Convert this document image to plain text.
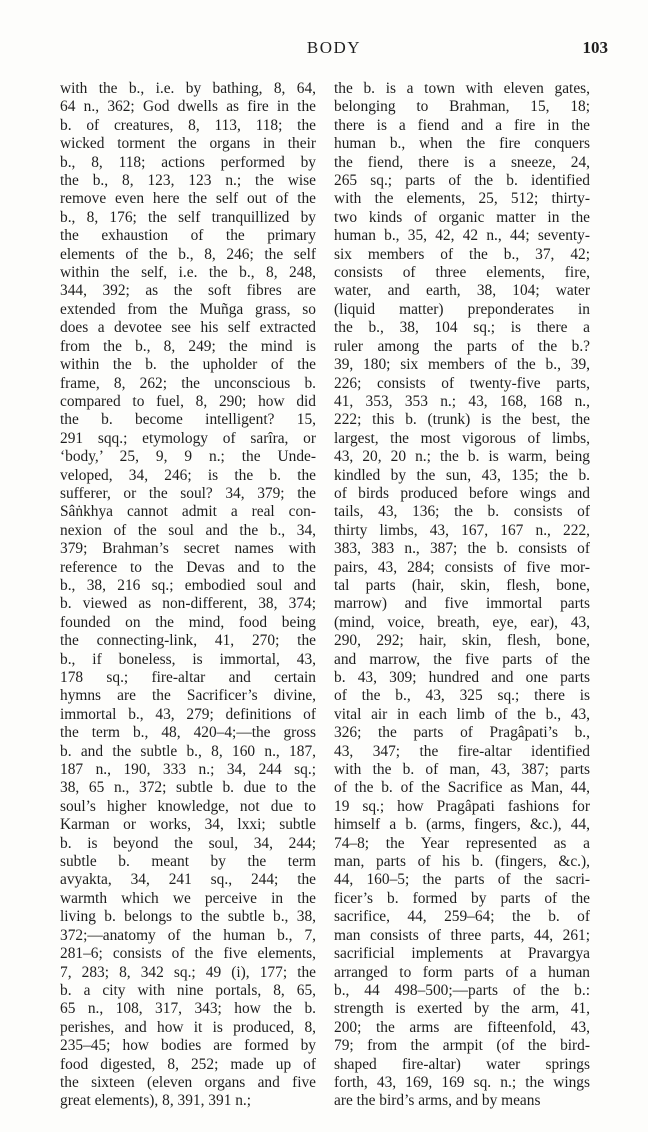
BODY	103
with the b., i.e. by bathing, 8, 64,
64 n., 362; God dwells as fire in the
b. of creatures, 8, 113, 118; the
wicked torment the organs in their
b., 8, 118; actions performed by
the b., 8, 123, 123 n.; the wise
remove even here the self out of the
b., 8, 176; the self tranquillized by
the exhaustion of the primary
elements of the b., 8, 246; the self
within the self, i.e. the b., 8, 248,
344, 392; as the soft fibres are
extended from the Muñga grass, so
does a devotee see his self extracted
from the b., 8, 249; the mind is
within the b. the upholder of the
frame, 8, 262; the unconscious b.
compared to fuel, 8, 290; how did
the b. become intelligent? 15,
291 sqq.; etymology of sarîra, or
‘body,’ 25, 9, 9 n.; the Unde-
veloped, 34, 246; is the b. the
sufferer, or the soul? 34, 379; the
Sâṅkhya cannot admit a real con-
nexion of the soul and the b., 34,
379; Brahman’s secret names with
reference to the Devas and to the
b., 38, 216 sq.; embodied soul and
b. viewed as non-different, 38, 374;
founded on the mind, food being
the connecting-link, 41, 270; the
b., if boneless, is immortal, 43,
178 sq.; fire-altar and certain
hymns are the Sacrificer’s divine,
immortal b., 43, 279; definitions of
the term b., 48, 420–4;—the gross
b. and the subtle b., 8, 160 n., 187,
187 n., 190, 333 n.; 34, 244 sq.;
38, 65 n., 372; subtle b. due to the
soul’s higher knowledge, not due to
Karman or works, 34, lxxi; subtle
b. is beyond the soul, 34, 244;
subtle b. meant by the term
avyakta, 34, 241 sq., 244; the
warmth which we perceive in the
living b. belongs to the subtle b., 38,
372;—anatomy of the human b., 7,
281–6; consists of the five elements,
7, 283; 8, 342 sq.; 49 (i), 177; the
b. a city with nine portals, 8, 65,
65 n., 108, 317, 343; how the b.
perishes, and how it is produced, 8,
235–45; how bodies are formed by
food digested, 8, 252; made up of
the sixteen (eleven organs and five
great elements), 8, 391, 391 n.;
the b. is a town with eleven gates,
belonging to Brahman, 15, 18;
there is a fiend and a fire in the
human b., when the fire conquers
the fiend, there is a sneeze, 24,
265 sq.; parts of the b. identified
with the elements, 25, 512; thirty-
two kinds of organic matter in the
human b., 35, 42, 42 n., 44; seventy-
six members of the b., 37, 42;
consists of three elements, fire,
water, and earth, 38, 104; water
(liquid matter) preponderates in
the b., 38, 104 sq.; is there a
ruler among the parts of the b.?
39, 180; six members of the b., 39,
226; consists of twenty-five parts,
41, 353, 353 n.; 43, 168, 168 n.,
222; this b. (trunk) is the best, the
largest, the most vigorous of limbs,
43, 20, 20 n.; the b. is warm, being
kindled by the sun, 43, 135; the b.
of birds produced before wings and
tails, 43, 136; the b. consists of
thirty limbs, 43, 167, 167 n., 222,
383, 383 n., 387; the b. consists of
pairs, 43, 284; consists of five mor-
tal parts (hair, skin, flesh, bone,
marrow) and five immortal parts
(mind, voice, breath, eye, ear), 43,
290, 292; hair, skin, flesh, bone,
and marrow, the five parts of the
b. 43, 309; hundred and one parts
of the b., 43, 325 sq.; there is
vital air in each limb of the b., 43,
326; the parts of Pragâpati’s b.,
43, 347; the fire-altar identified
with the b. of man, 43, 387; parts
of the b. of the Sacrifice as Man, 44,
19 sq.; how Pragâpati fashions for
himself a b. (arms, fingers, &c.), 44,
74–8; the Year represented as a
man, parts of his b. (fingers, &c.),
44, 160–5; the parts of the sacri-
ficer’s b. formed by parts of the
sacrifice, 44, 259–64; the b. of
man consists of three parts, 44, 261;
sacrificial implements at Pravargya
arranged to form parts of a human
b., 44 498–500;—parts of the b.:
strength is exerted by the arm, 41,
200; the arms are fifteenfold, 43,
79; from the armpit (of the bird-
shaped fire-altar) water springs
forth, 43, 169, 169 sq. n.; the wings
are the bird’s arms, and by means
